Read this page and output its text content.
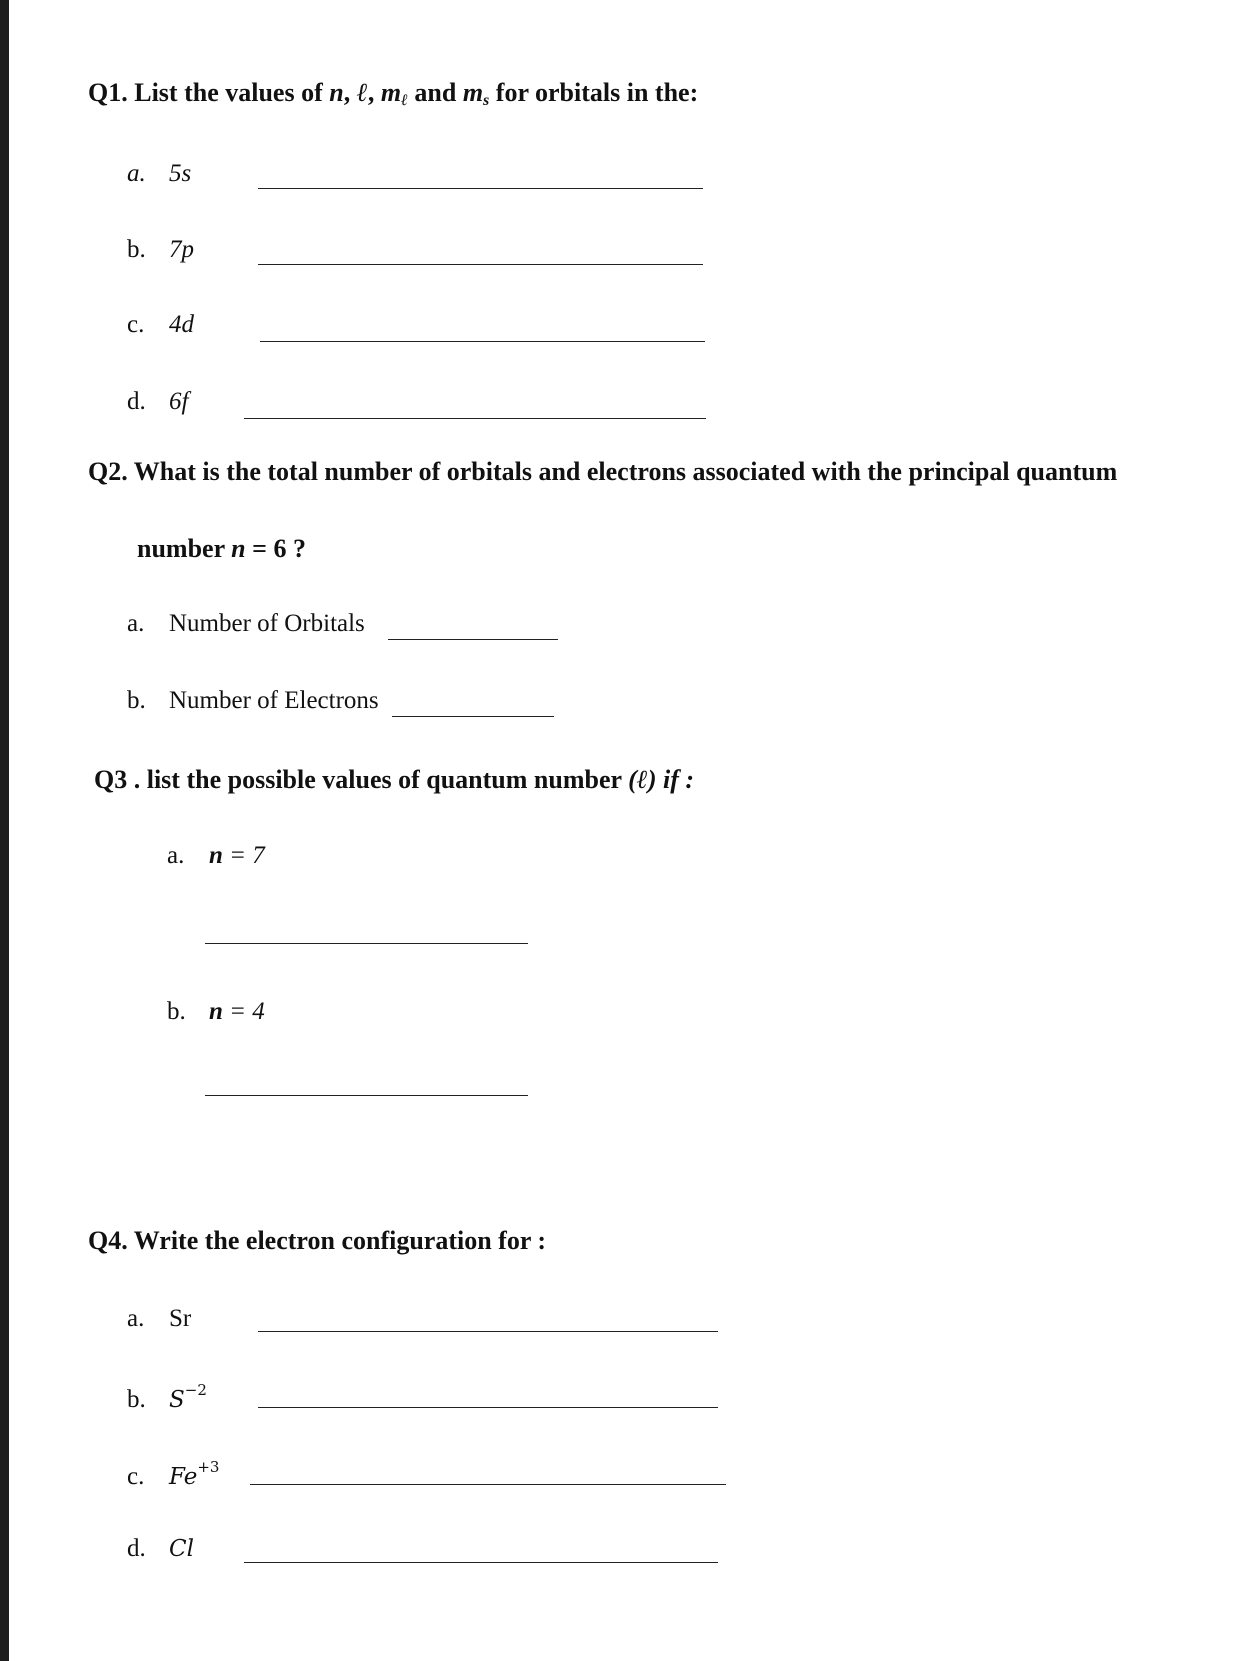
Q1. List the values of n, ℓ, $m_\ell$ and $m_s$ for orbitals in the:
a. 5s
b. 7p
c. 4d
d. 6f
Q2. What is the total number of orbitals and electrons associated with the principal quantum
number n = 6 ?
a. Number of Orbitals
b. Number of Electrons
Q3 . list the possible values of quantum number (ℓ) if :
a. n = 7
b. n = 4
Q4. Write the electron configuration for :
a. Sr
b. $S^{-2}$
c. $Fe^{+3}$
d. Cl
